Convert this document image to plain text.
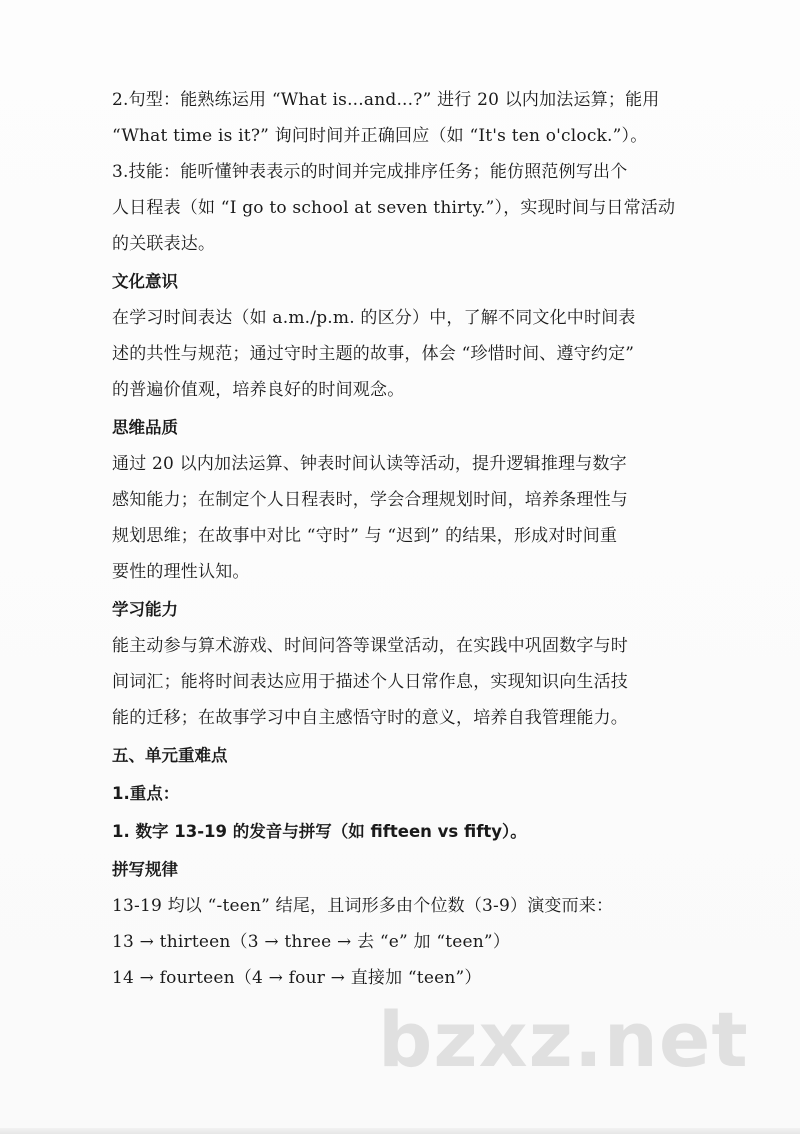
2.句型：能熟练运用 “What is...and...?” 进行 20 以内加法运算；能用
“What time is it?” 询问时间并正确回应（如 “It's ten o'clock.”）。
3.技能：能听懂钟表表示的时间并完成排序任务；能仿照范例写出个
人日程表（如 “I go to school at seven thirty.”），实现时间与日常活动
的关联表达。
文化意识
在学习时间表达（如 a.m./p.m. 的区分）中，了解不同文化中时间表
述的共性与规范；通过守时主题的故事，体会 “珍惜时间、遵守约定”
的普遍价值观，培养良好的时间观念。
思维品质
通过 20 以内加法运算、钟表时间认读等活动，提升逻辑推理与数字
感知能力；在制定个人日程表时，学会合理规划时间，培养条理性与
规划思维；在故事中对比 “守时” 与 “迟到” 的结果，形成对时间重
要性的理性认知。
学习能力
能主动参与算术游戏、时间问答等课堂活动，在实践中巩固数字与时
间词汇；能将时间表达应用于描述个人日常作息，实现知识向生活技
能的迁移；在故事学习中自主感悟守时的意义，培养自我管理能力。
五、单元重难点
1.重点：
1. 数字 13-19 的发音与拼写（如 fifteen vs fifty）。
拼写规律
13-19 均以 “-teen” 结尾，且词形多由个位数（3-9）演变而来：
13 → thirteen（3 → three → 去 “e” 加 “teen”）
14 → fourteen（4 → four → 直接加 “teen”）
bzxz.net
